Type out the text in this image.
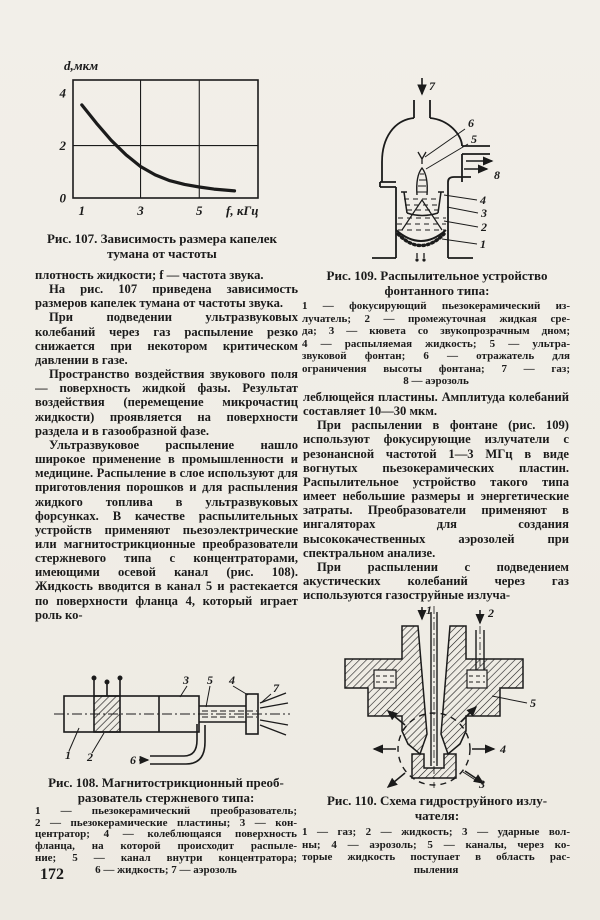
d,мкм
f, кГц
0
2
4
1	3	5
Рис. 107. Зависимость размера капелек
тумана от частоты

плотность жидкости; f — частота звука.

На рис. 107 приведена зависимость размеров капелек тумана от частоты звука.

При подведении ультразвуковых колебаний через газ распыление резко снижается при некотором критическом давлении в газе.

Пространство воздействия звукового поля — поверхность жидкой фазы. Результат воздействия (перемещение микрочастиц жидкости) проявляется на поверхности раздела и в газообразной фазе.

Ультразвуковое распыление нашло широкое применение в промышленности и медицине. Распыление в слое используют для приготовления порошков и для распыления жидкого топлива в ультразвуковых форсунках. В качестве распылительных устройств применяют пьезоэлектрические или магнитострикционные преобразователи стержневого типа с концентраторами, имеющими осевой канал (рис. 108). Жидкость вводится в канал 5 и растекается по поверхности фланца 4, который играет роль ко-

1 2
3	4
5
6
7
Рис. 108. Магнитострикционный преоб-
разователь стержневого типа:
1 — пьезокерамический преобразователь;
2 — пьезокерамические пластины; 3 — кон-
центратор; 4 — колеблющаяся поверхность
фланца, на которой происходит распыле-
ние; 5 — канал внутри концентратора;
6 — жидкость; 7 — аэрозоль
172
7
6
5
8
4
3
2
1
Рис. 109. Распылительное устройство
фонтанного типа:
1 — фокусирующий пьезокерамический из-
лучатель; 2 — промежуточная жидкая сре-
да; 3 — кювета со звукопрозрачным дном;
4 — распыляемая жидкость; 5 — ультра-
звуковой фонтан; 6 — отражатель для
ограничения высоты фонтана; 7 — газ;
8 — аэрозоль

леблющейся пластины. Амплитуда колебаний составляет 10—30 мкм.

При распылении в фонтане (рис. 109) используют фокусирующие излучатели с резонансной частотой 1—3 МГц в виде вогнутых пьезокерамических пластин. Распылительное устройство такого типа имеет небольшие размеры и энергетические затраты. Преобразователи применяют в ингаляторах для создания высококачественных аэрозолей при спектральном анализе.

При распылении с подведением акустических колебаний через газ используются газоструйные излуча-

1	2
3
4
5
Рис. 110. Схема гидроструйного излу-
чателя:
1 — газ; 2 — жидкость; 3 — ударные вол-
ны; 4 — аэрозоль; 5 — каналы, через ко-
торые жидкость поступает в область рас-
пыления
